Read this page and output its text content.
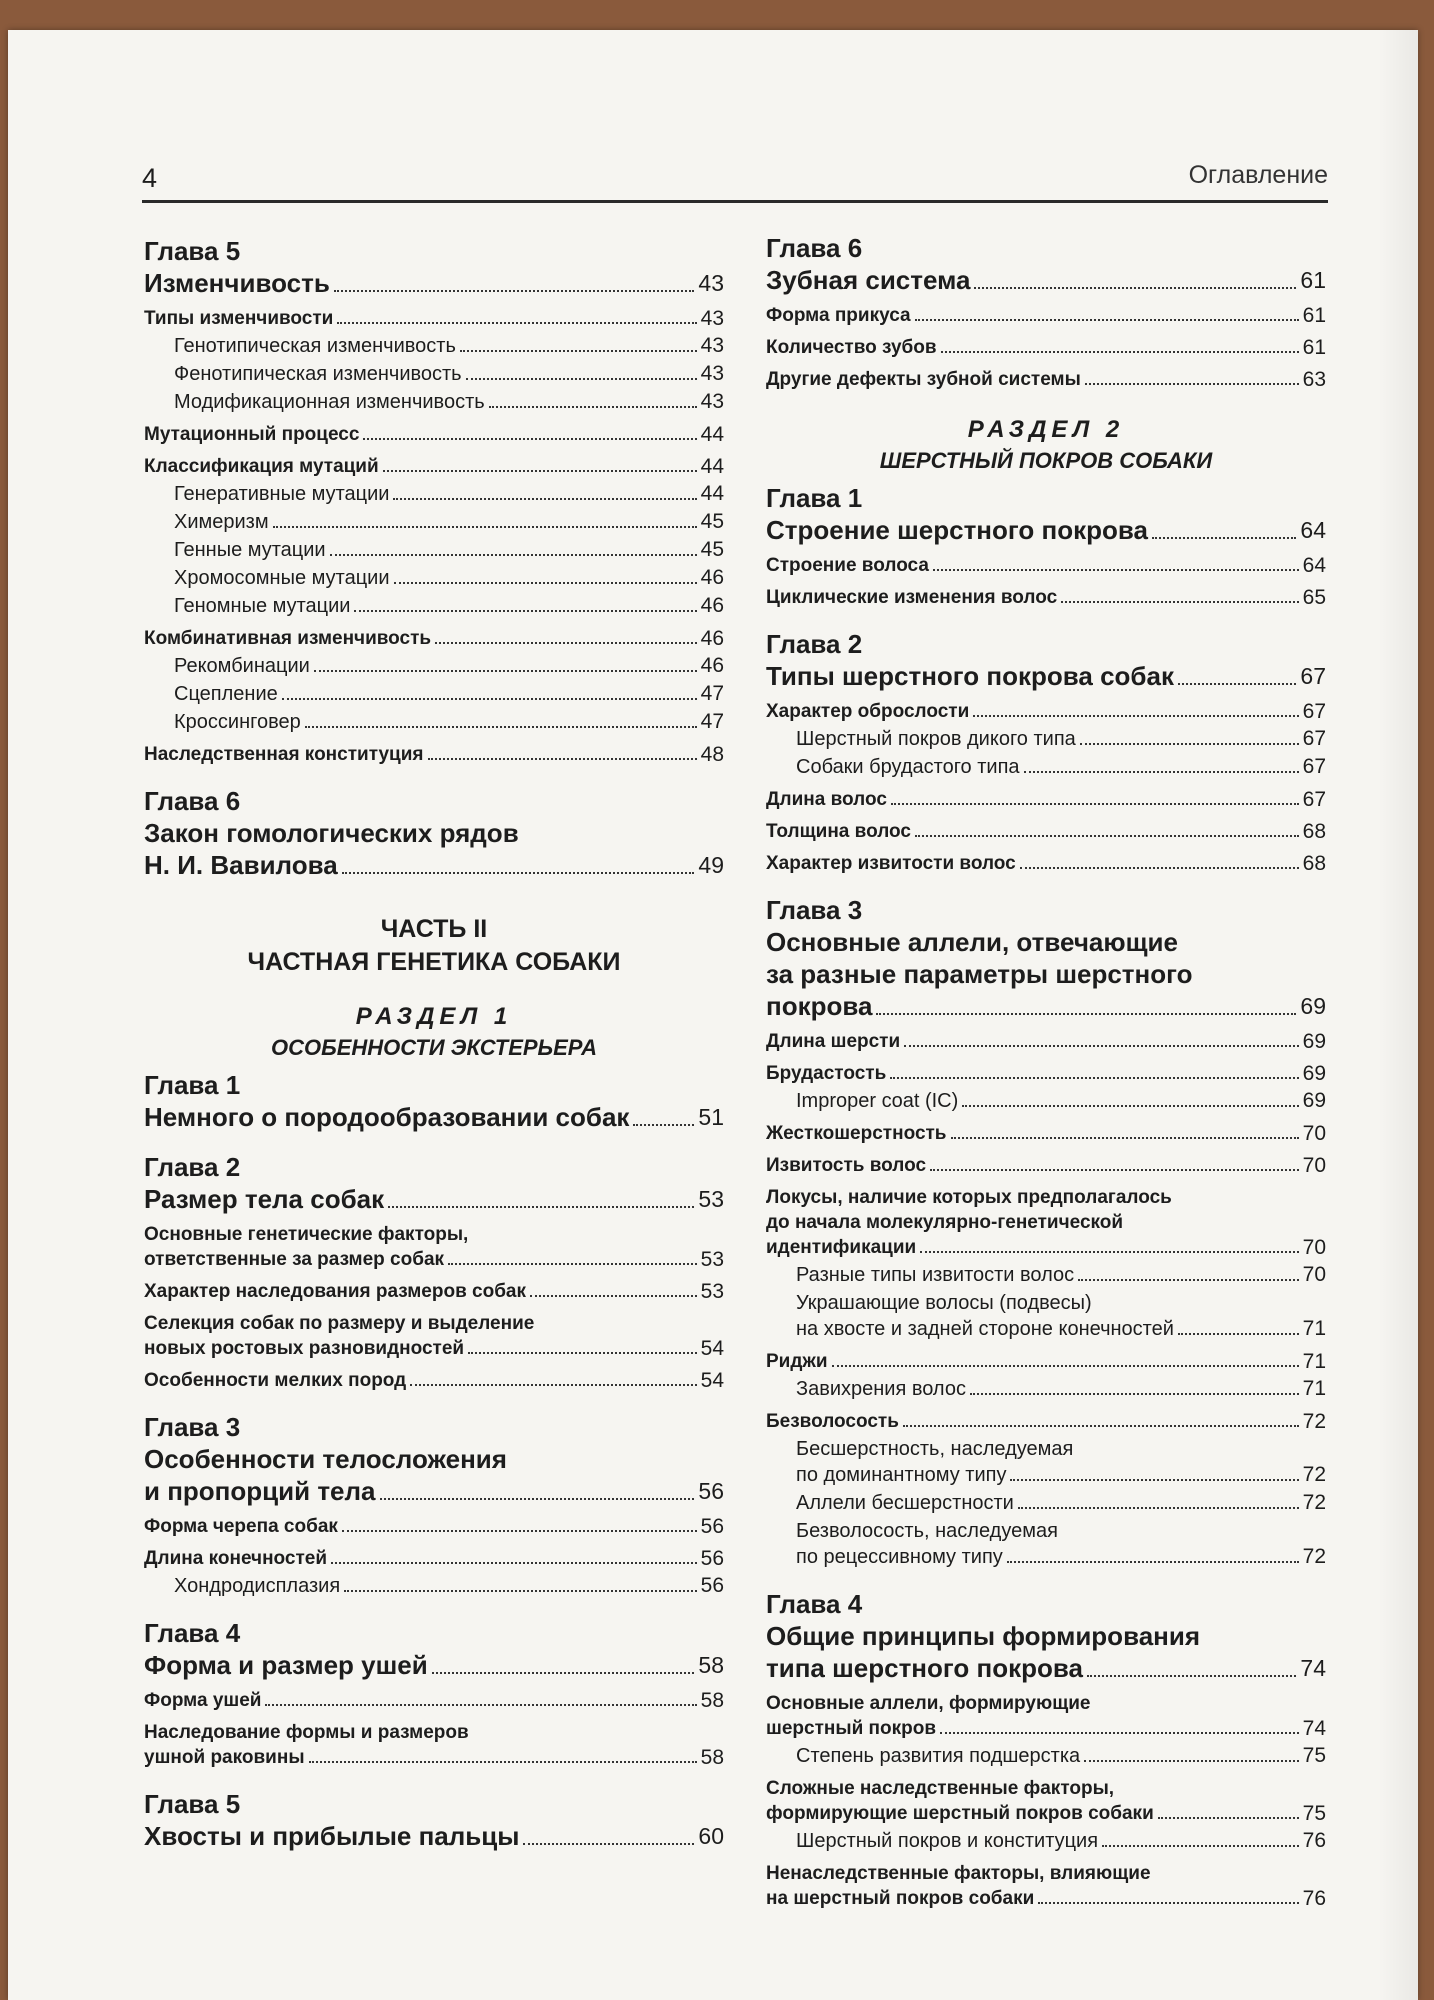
4	Оглавление
Глава 5
Изменчивость	43
Типы изменчивости	43
Генотипическая изменчивость	43
Фенотипическая изменчивость	43
Модификационная изменчивость	43
Мутационный процесс	44
Классификация мутаций	44
Генеративные мутации	44
Химеризм	45
Генные мутации	45
Хромосомные мутации	46
Геномные мутации	46
Комбинативная изменчивость	46
Рекомбинации	46
Сцепление	47
Кроссинговер	47
Наследственная конституция	48
Глава 6
Закон гомологических рядов
Н. И. Вавилова	49
ЧАСТЬ II
ЧАСТНАЯ ГЕНЕТИКА СОБАКИ
РАЗДЕЛ 1
ОСОБЕННОСТИ ЭКСТЕРЬЕРА
Глава 1
Немного о породообразовании собак	51
Глава 2
Размер тела собак	53
Основные генетические факторы,
ответственные за размер собак	53
Характер наследования размеров собак	53
Селекция собак по размеру и выделение
новых ростовых разновидностей	54
Особенности мелких пород	54
Глава 3
Особенности телосложения
и пропорций тела	56
Форма черепа собак	56
Длина конечностей	56
Хондродисплазия	56
Глава 4
Форма и размер ушей	58
Форма ушей	58
Наследование формы и размеров
ушной раковины	58
Глава 5
Хвосты и прибылые пальцы	60
Глава 6
Зубная система	61
Форма прикуса	61
Количество зубов	61
Другие дефекты зубной системы	63
РАЗДЕЛ 2
ШЕРСТНЫЙ ПОКРОВ СОБАКИ
Глава 1
Строение шерстного покрова	64
Строение волоса	64
Циклические изменения волос	65
Глава 2
Типы шерстного покрова собак	67
Характер оброслости	67
Шерстный покров дикого типа	67
Собаки брудастого типа	67
Длина волос	67
Толщина волос	68
Характер извитости волос	68
Глава 3
Основные аллели, отвечающие
за разные параметры шерстного
покрова	69
Длина шерсти	69
Брудастость	69
Improper coat (IC)	69
Жесткошерстность	70
Извитость волос	70
Локусы, наличие которых предполагалось
до начала молекулярно-генетической
идентификации	70
Разные типы извитости волос	70
Украшающие волосы (подвесы)
на хвосте и задней стороне конечностей	71
Риджи	71
Завихрения волос	71
Безволосость	72
Бесшерстность, наследуемая
по доминантному типу	72
Аллели бесшерстности	72
Безволосость, наследуемая
по рецессивному типу	72
Глава 4
Общие принципы формирования
типа шерстного покрова	74
Основные аллели, формирующие
шерстный покров	74
Степень развития подшерстка	75
Сложные наследственные факторы,
формирующие шерстный покров собаки	75
Шерстный покров и конституция	76
Ненаследственные факторы, влияющие
на шерстный покров собаки	76
